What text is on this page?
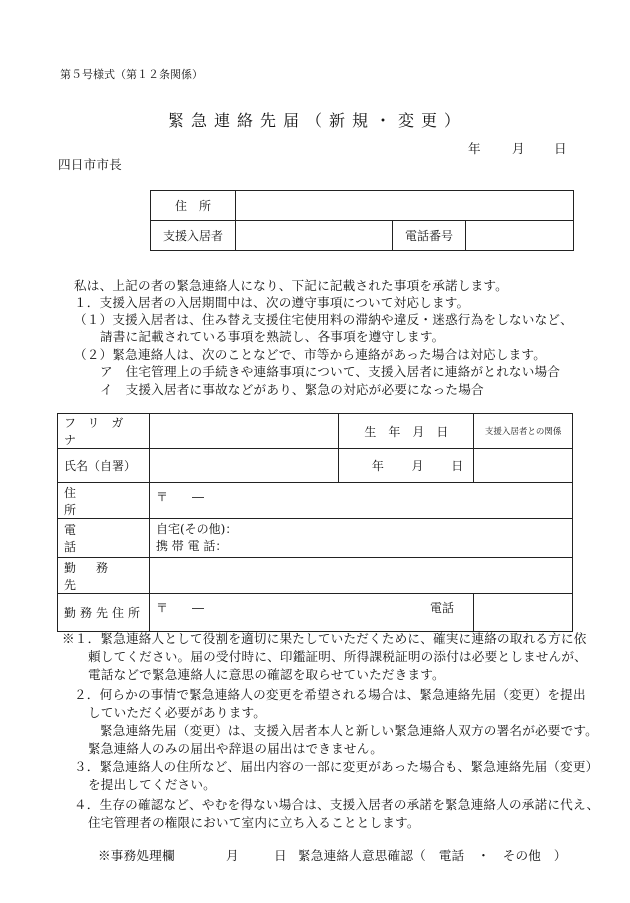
第５号様式（第１２条関係）
緊急連絡先届（新規・変更）
年 月 日
四日市市長
住　所			
支援入居者		電話番号	
私は、上記の者の緊急連絡人になり、下記に記載された事項を承諾します。
１．支援入居者の入居期間中は、次の遵守事項について対応します。
（１）支援入居者は、住み替え支援住宅使用料の滞納や違反・迷惑行為をしないなど、
請書に記載されている事項を熟読し、各事項を遵守します。
（２）緊急連絡人は、次のことなどで、市等から連絡があった場合は対応します。
ア　住宅管理上の手続きや連絡事項について、支援入居者に連絡がとれない場合
イ　支援入居者に事故などがあり、緊急の対応が必要になった場合
フリガナ		生　年　月　日	支援入居者との関係
氏名（自署）		年 月 日	

住所	〒　　―		
電話	自宅(その他)：
携 帯 電 話：		

勤務先			
勤務先住所	〒　　― 電話		

※１．緊急連絡人として役割を適切に果たしていただくために、確実に連絡の取れる方に依
頼してください。届の受付時に、印鑑証明、所得課税証明の添付は必要としませんが、
電話などで緊急連絡人に意思の確認を取らせていただきます。
２．何らかの事情で緊急連絡人の変更を希望される場合は、緊急連絡先届（変更）を提出
していただく必要があります。
緊急連絡先届（変更）は、支援入居者本人と新しい緊急連絡人双方の署名が必要です。
緊急連絡人のみの届出や辞退の届出はできません。
３．緊急連絡人の住所など、届出内容の一部に変更があった場合も、緊急連絡先届（変更）
を提出してください。
４．生存の確認など、やむを得ない場合は、支援入居者の承諾を緊急連絡人の承諾に代え、
住宅管理者の権限において室内に立ち入ることとします。
※事務処理欄	月	日 緊急連絡人意思確認（　電話　・　その他　）
